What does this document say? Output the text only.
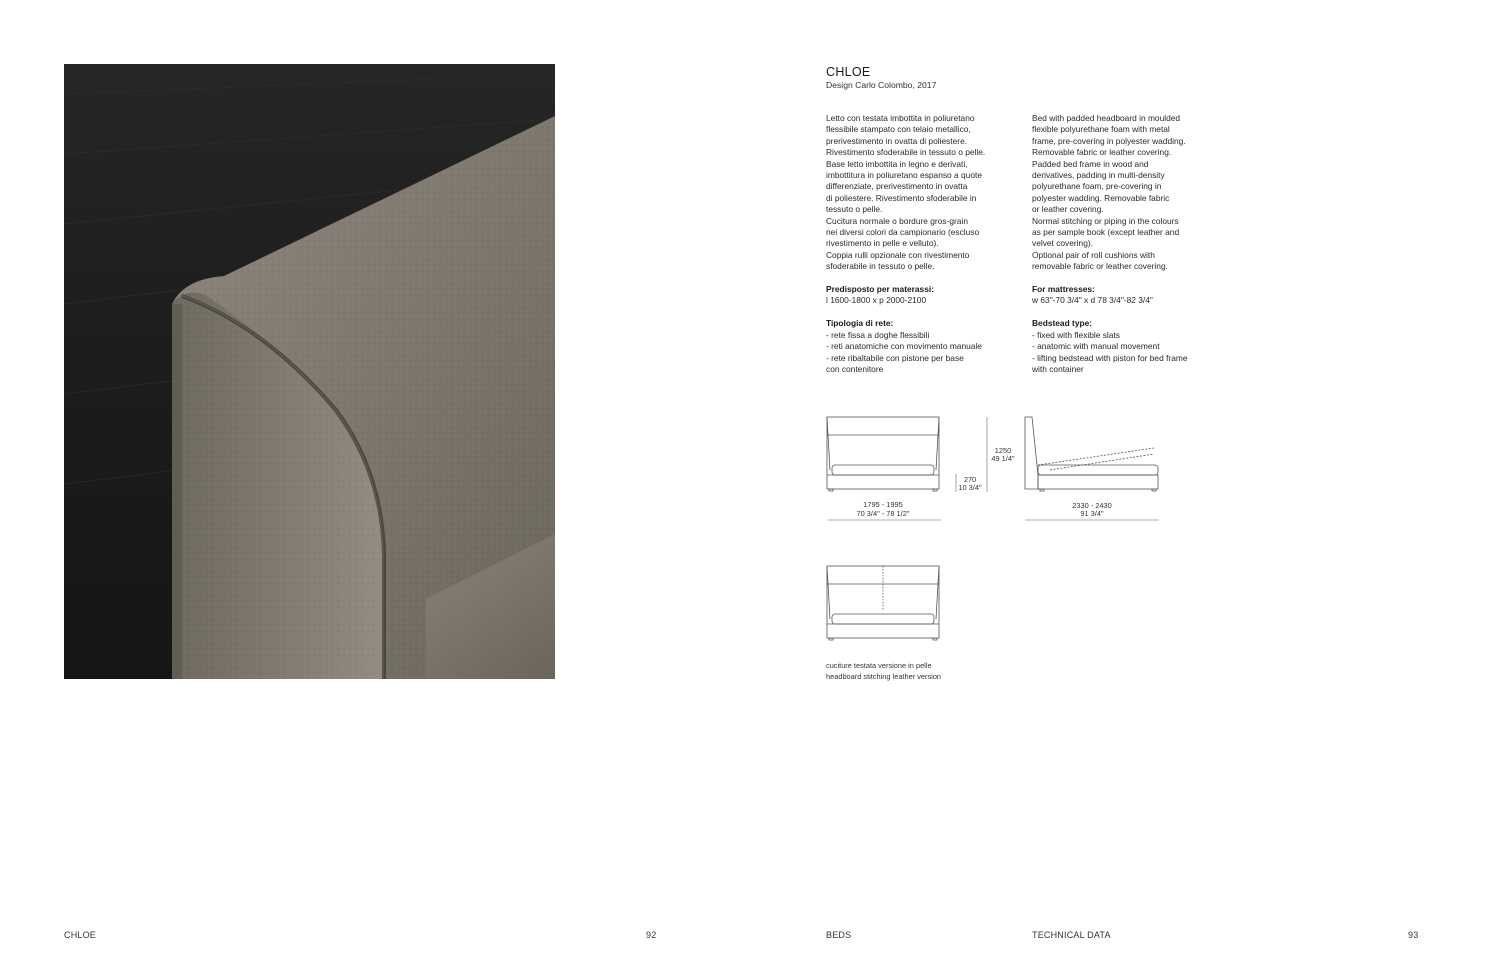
CHLOE
Design Carlo Colombo, 2017

Letto con testata imbottita in poliuretano

flessibile stampato con telaio metallico,

prerivestimento in ovatta di poliestere.

Rivestimento sfoderabile in tessuto o pelle.

Base letto imbottita in legno e derivati,

imbottitura in poliuretano espanso a quote

differenziate, prerivestimento in ovatta

di poliestere. Rivestimento sfoderabile in

tessuto o pelle.

Cucitura normale o bordure gros-grain

nei diversi colori da campionario (escluso

rivestimento in pelle e velluto).

Coppia rulli opzionale con rivestimento

sfoderabile in tessuto o pelle.

Predisposto per materassi:

l 1600-1800 x p 2000-2100

Tipologia di rete:

- rete fissa a doghe flessibili

- reti anatomiche con movimento manuale

- rete ribaltabile con pistone per base

con contenitore

Bed with padded headboard in moulded

flexible polyurethane foam with metal

frame, pre-covering in polyester wadding.

Removable fabric or leather covering.

Padded bed frame in wood and

derivatives, padding in multi-density

polyurethane foam, pre-covering in

polyester wadding. Removable fabric

or leather covering.

Normal stitching or piping in the colours

as per sample book (except leather and

velvet covering).

Optional pair of roll cushions with

removable fabric or leather covering.

For mattresses:

w 63"-70 3/4" x d 78 3/4"-82 3/4"

Bedstead type:

- fixed with flexible slats

- anatomic with manual movement

- lifting bedstead with piston for bed frame

with container

1795 - 1995
70 3/4" - 78 1/2"
270
10 3/4"
1250
49 1/4"
2330 - 2430
91 3/4"

cuciture testata versione in pelle

headboard stitching leather version

CHLOE	92	BEDS	TECHNICAL DATA	93
